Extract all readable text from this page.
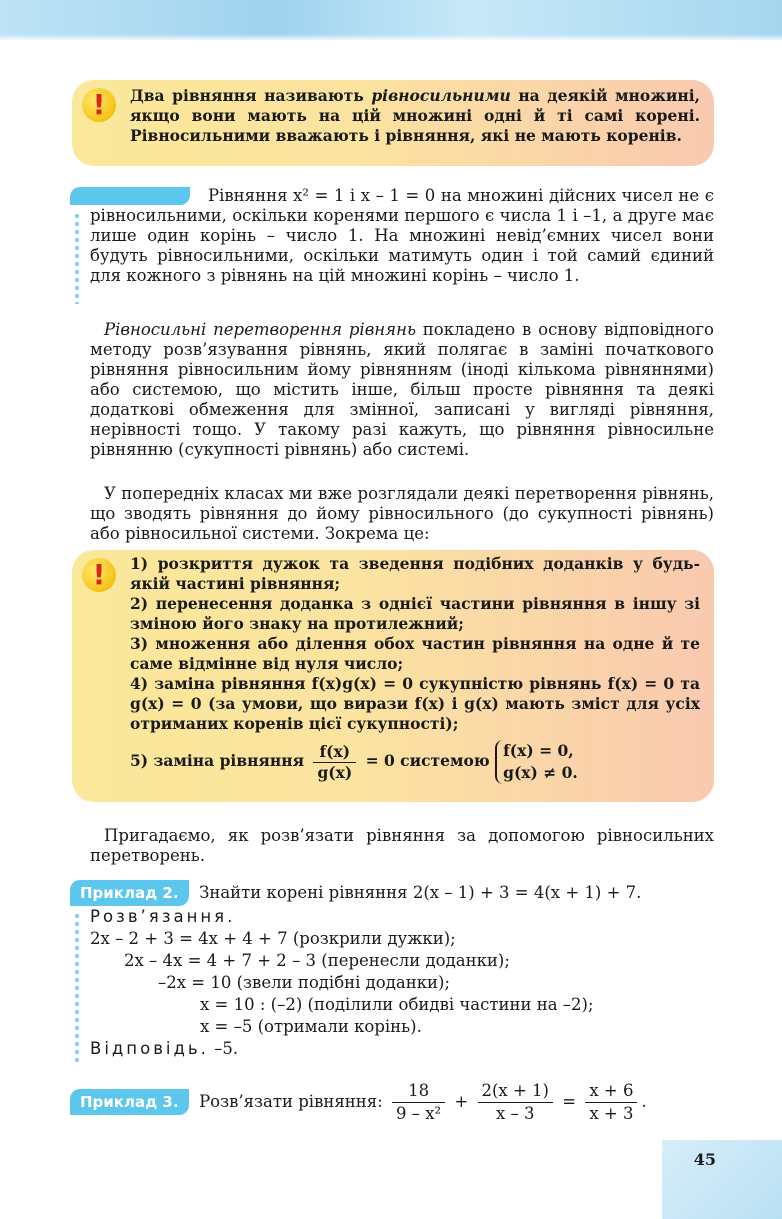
!	Два рівняння називають рівносильними на деякій множині, якщо вони мають на цій множині одні й ті самі корені. Рівносильними вважають і рівняння, які не мають коренів.

Рівняння x² = 1 і x – 1 = 0 на множині дійсних чисел не є рівносильними, оскільки коренями першого є числа 1 і –1, а друге має лише один корінь – число 1. На множині невід’ємних чисел вони будуть рівносильними, оскільки матимуть один і той самий єдиний для кожного з рівнянь на цій множині корінь – число 1.

Рівносильні перетворення рівнянь покладено в основу відповідного методу розв’язування рівнянь, який полягає в заміні початкового рівняння рівносильним йому рівнянням (іноді кількома рівняннями) або системою, що містить інше, більш просте рівняння та деякі додаткові обмеження для змінної, записані у вигляді рівняння, нерівності тощо. У такому разі кажуть, що рівняння рівносильне рівнянню (сукупності рівнянь) або системі.

У попередніх класах ми вже розглядали деякі перетворення рівнянь, що зводять рівняння до йому рівносильного (до сукупності рівнянь) або рівносильної системи. Зокрема це:

!	1) розкриття дужок та зведення подібних доданків у будь-якій частині рівняння;

2) перенесення доданка з однієї частини рівняння в іншу зі зміною його знаку на протилежний;

3) множення або ділення обох частин рівняння на одне й те саме відмінне від нуля число;

4) заміна рівняння f(x)g(x) = 0 сукупністю рівнянь f(x) = 0 та g(x) = 0 (за умови, що вирази f(x) і g(x) мають зміст для усіх отриманих коренів цієї сукупності);

5) заміна рівняння $\frac{f(x)}{g(x)} = 0$ системою
f(x) = 0,
g(x) ≠ 0.

Пригадаємо, як розв’язати рівняння за допомогою рівносильних перетворень.

Приклад 2. Знайти корені рівняння 2(x – 1) + 3 = 4(x + 1) + 7.
Розв’язання.
2x – 2 + 3 = 4x + 4 + 7 (розкрили дужки);
2x – 4x = 4 + 7 + 2 – 3 (перенесли доданки);
–2x = 10 (звели подібні доданки);
x = 10 : (–2) (поділили обидві частини на –2);
x = –5 (отримали корінь).
Відповідь. –5.
Приклад 3. Розв’язати рівняння: $\frac{18}{\text{9 – x²}} + \frac{2(x + 1)}{x - 3} = \frac{x + 6}{x + 3}$ .
45
